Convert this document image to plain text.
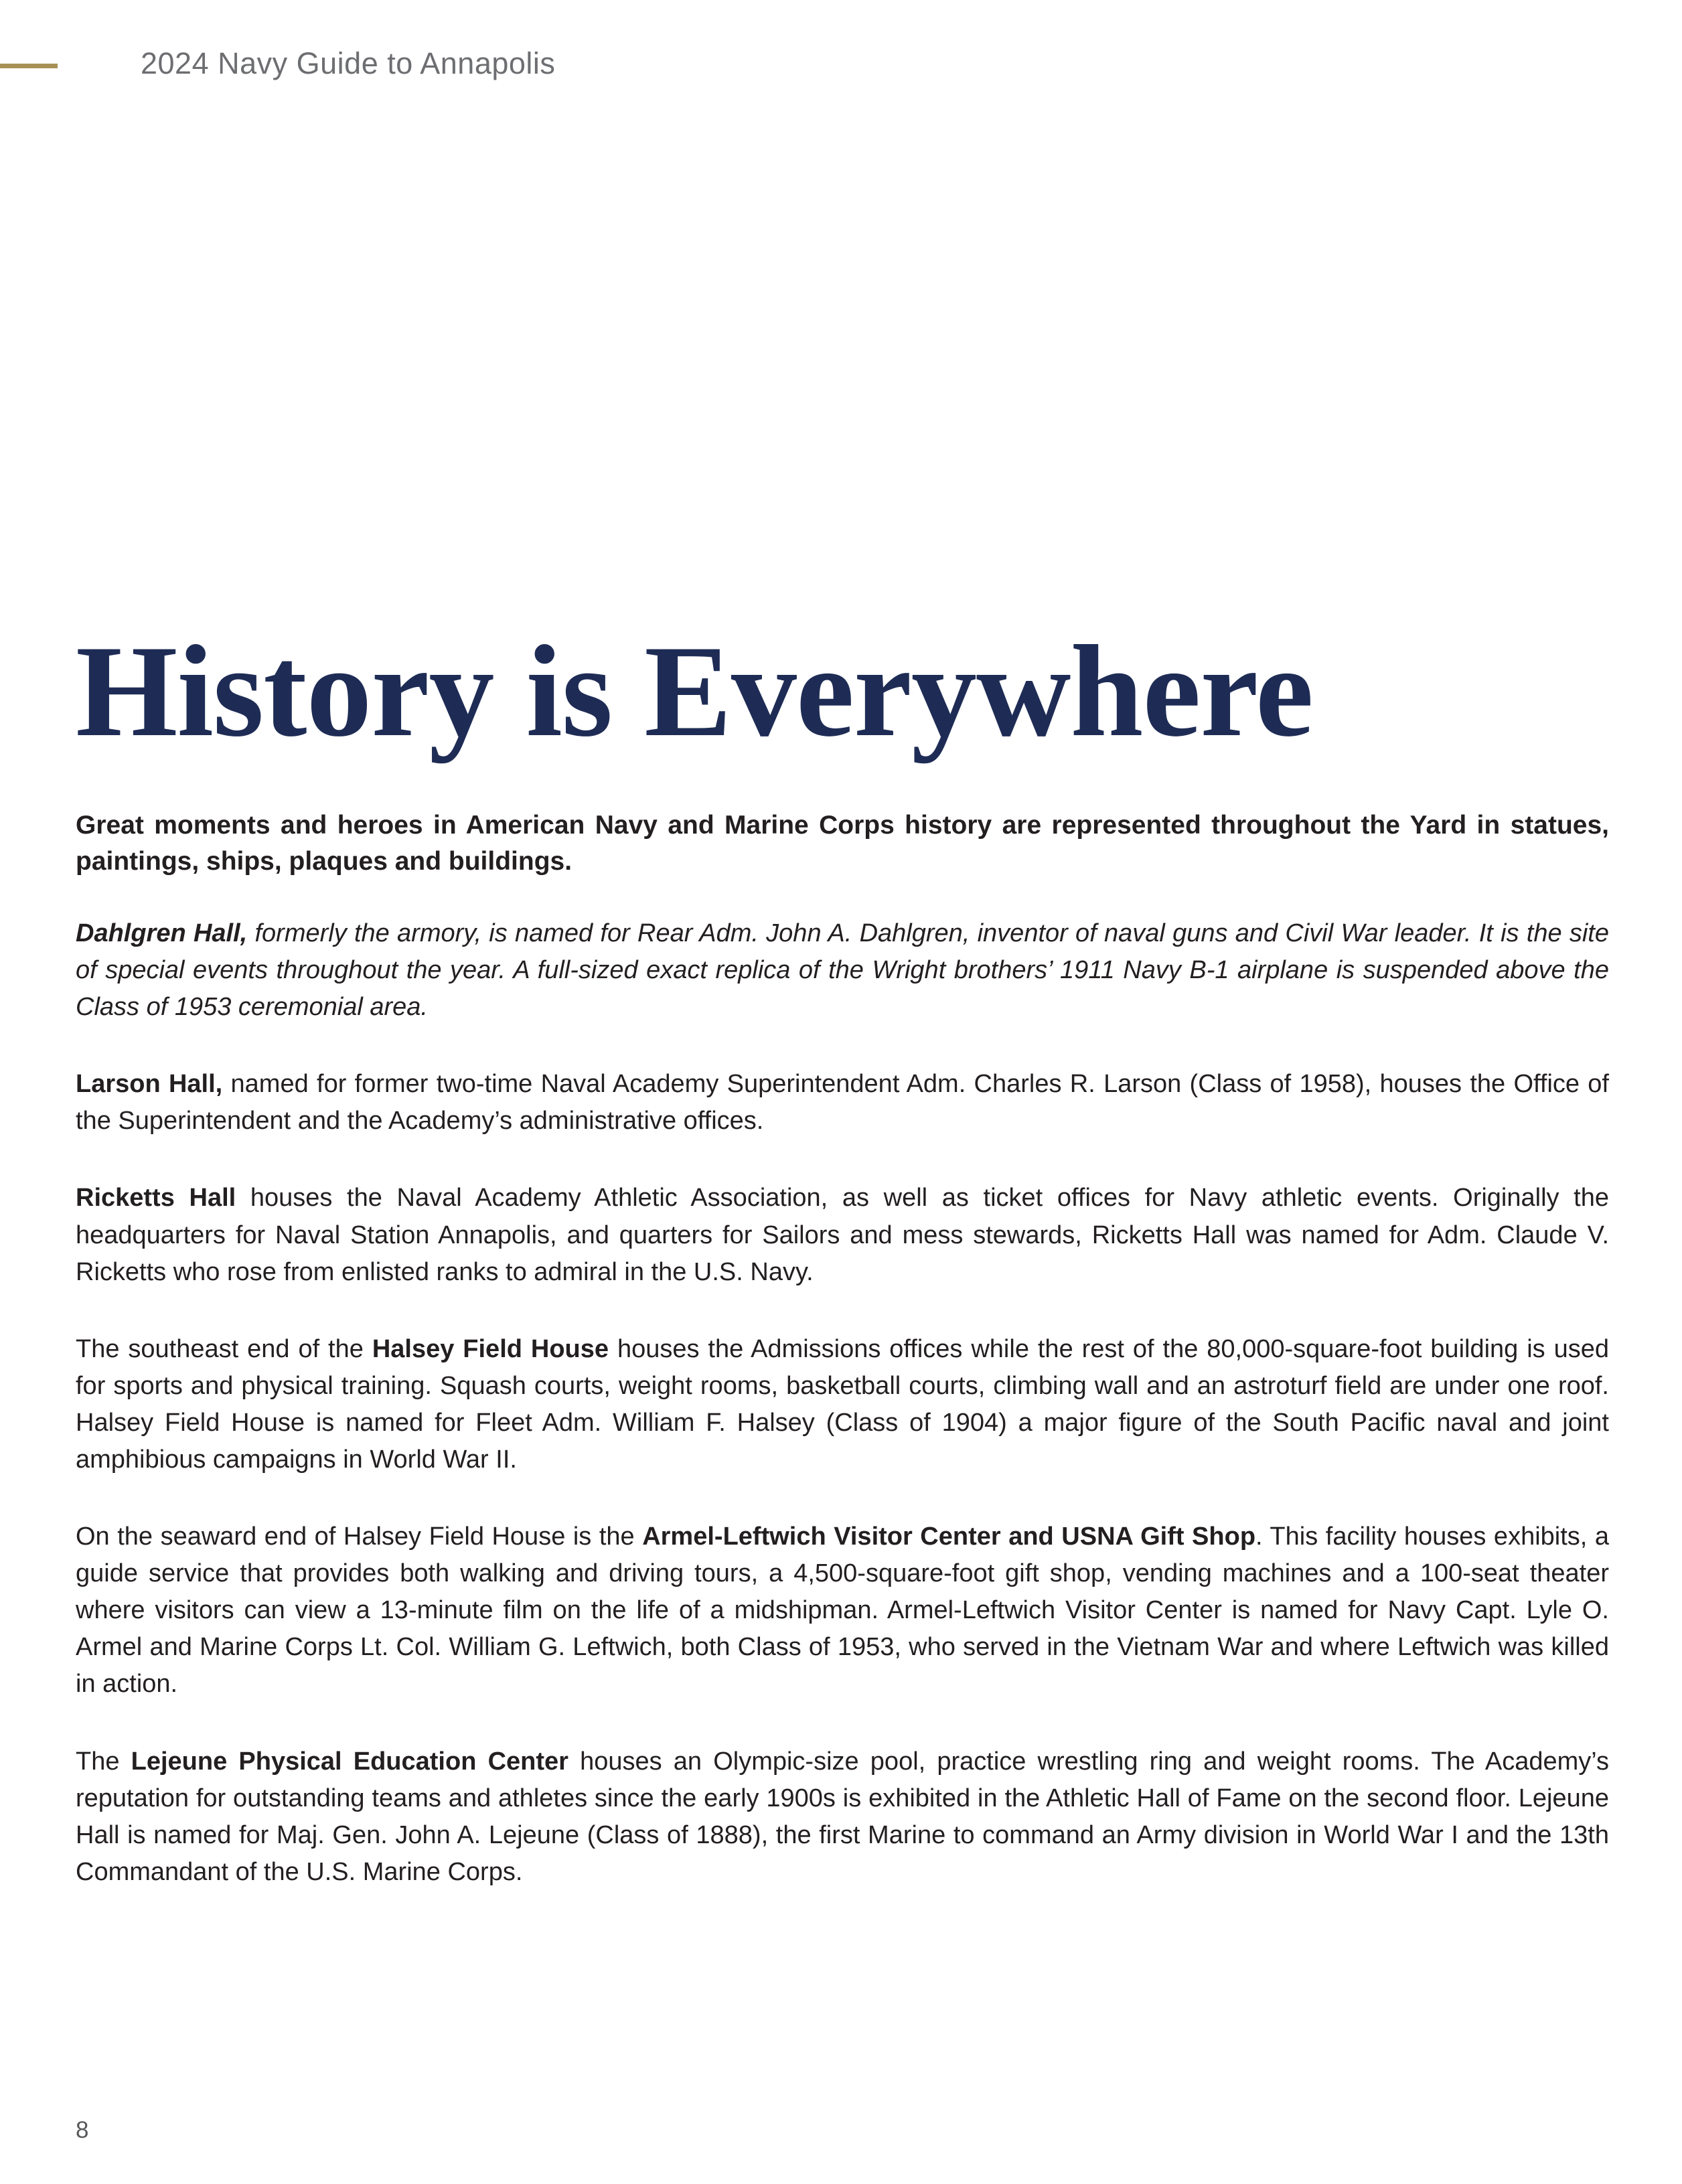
2024 Navy Guide to Annapolis
History is Everywhere

Great moments and heroes in American Navy and Marine Corps history are represented throughout the Yard in statues, paintings, ships, plaques and buildings.

Dahlgren Hall, formerly the armory, is named for Rear Adm. John A. Dahlgren, inventor of naval guns and Civil War leader. It is the site of special events throughout the year. A full-sized exact replica of the Wright brothers’ 1911 Navy B-1 airplane is suspended above the Class of 1953 ceremonial area.

Larson Hall, named for former two-time Naval Academy Superintendent Adm. Charles R. Larson (Class of 1958), houses the Office of the Superintendent and the Academy’s administrative offices.

Ricketts Hall houses the Naval Academy Athletic Association, as well as ticket offices for Navy athletic events. Originally the headquarters for Naval Station Annapolis, and quarters for Sailors and mess stewards, Ricketts Hall was named for Adm. Claude V. Ricketts who rose from enlisted ranks to admiral in the U.S. Navy.

The southeast end of the Halsey Field House houses the Admissions offices while the rest of the 80,000-square-foot building is used for sports and physical training. Squash courts, weight rooms, basketball courts, climbing wall and an astroturf field are under one roof. Halsey Field House is named for Fleet Adm. William F. Halsey (Class of 1904) a major figure of the South Pacific naval and joint amphibious campaigns in World War II.

On the seaward end of Halsey Field House is the Armel-Leftwich Visitor Center and USNA Gift Shop. This facility houses exhibits, a guide service that provides both walking and driving tours, a 4,500-square-foot gift shop, vending machines and a 100-seat theater where visitors can view a 13-minute film on the life of a midshipman. Armel-Leftwich Visitor Center is named for Navy Capt. Lyle O. Armel and Marine Corps Lt. Col. William G. Leftwich, both Class of 1953, who served in the Vietnam War and where Leftwich was killed in action.

The Lejeune Physical Education Center houses an Olympic-size pool, practice wrestling ring and weight rooms. The Academy’s reputation for outstanding teams and athletes since the early 1900s is exhibited in the Athletic Hall of Fame on the second floor. Lejeune Hall is named for Maj. Gen. John A. Lejeune (Class of 1888), the first Marine to command an Army division in World War I and the 13th Commandant of the U.S. Marine Corps.

8
